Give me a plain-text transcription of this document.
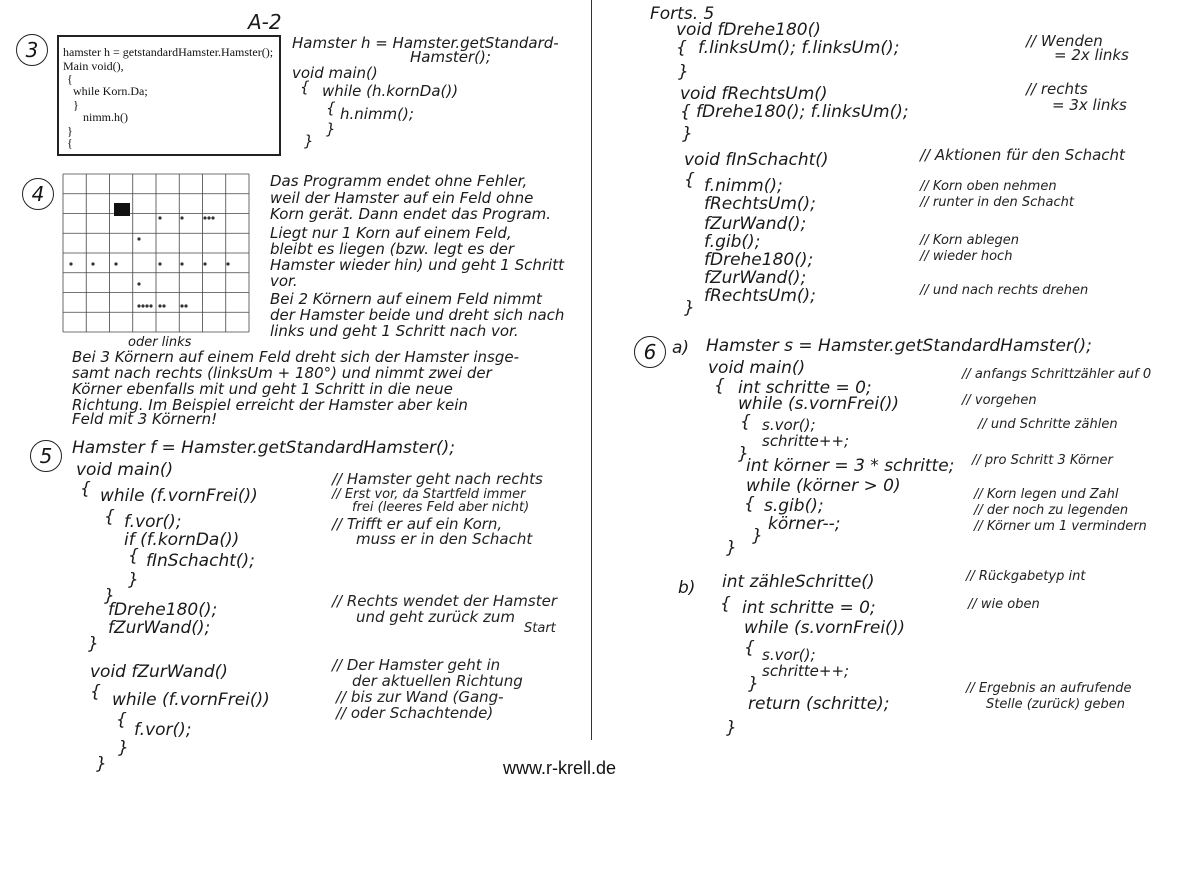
A-2
3	hamster h = getstandardHamster.Hamster();
Main void(),
{
while Korn.Da;
}
nimm.h()
}
{
Hamster h = Hamster.getStandard-
Hamster();
void main()
{ while (h.kornDa())
{ h.nimm();
}
}
4
oder links
Das Programm endet ohne Fehler,
weil der Hamster auf ein Feld ohne
Korn gerät. Dann endet das Program.
Liegt nur 1 Korn auf einem Feld,
bleibt es liegen (bzw. legt es der
Hamster wieder hin) und geht 1 Schritt
vor.
Bei 2 Körnern auf einem Feld nimmt
der Hamster beide und dreht sich nach
links und geht 1 Schritt nach vor.
Bei 3 Körnern auf einem Feld dreht sich der Hamster insge-
samt nach rechts (linksUm + 180°) und nimmt zwei der
Körner ebenfalls mit und geht 1 Schritt in die neue
Richtung. Im Beispiel erreicht der Hamster aber kein
Feld mit 3 Körnern!
5	Hamster f = Hamster.getStandardHamster();
void main()
{ while (f.vornFrei())
{ f.vor();
if (f.kornDa())
{ fInSchacht();
}
}
fDrehe180();
fZurWand();
}
void fZurWand()
{ while (f.vornFrei())
{ f.vor();
}
}
// Hamster geht nach rechts
// Erst vor, da Startfeld immer
frei (leeres Feld aber nicht)
// Trifft er auf ein Korn,
muss er in den Schacht
// Rechts wendet der Hamster
und geht zurück zum
Start
// Der Hamster geht in
der aktuellen Richtung
// bis zur Wand (Gang-
// oder Schachtende)
Forts. 5
void fDrehe180()
{ f.linksUm(); f.linksUm();
}
void fRechtsUm()
{ fDrehe180(); f.linksUm();
}
void fInSchacht()
{ f.nimm();
fRechtsUm();
fZurWand();
f.gib();
fDrehe180();
fZurWand();
fRechtsUm();
}
// Wenden
= 2x links
// rechts
= 3x links
// Aktionen für den Schacht
// Korn oben nehmen
// runter in den Schacht
// Korn ablegen
// wieder hoch
// und nach rechts drehen
6 a) Hamster s = Hamster.getStandardHamster();
void main()
{ int schritte = 0;
while (s.vornFrei())
{ s.vor();
schritte++;
}
int körner = 3 * schritte;
while (körner > 0)
{ s.gib();
körner--;
}
}
// anfangs Schrittzähler auf 0
// vorgehen
// und Schritte zählen
// pro Schritt 3 Körner
// Korn legen und Zahl
// der noch zu legenden
// Körner um 1 vermindern
b) int zähleSchritte()
{ int schritte = 0;
while (s.vornFrei())
{ s.vor();
schritte++;
}
return (schritte);
}
// Rückgabetyp int
// wie oben
// Ergebnis an aufrufende
Stelle (zurück) geben
www.r-krell.de
